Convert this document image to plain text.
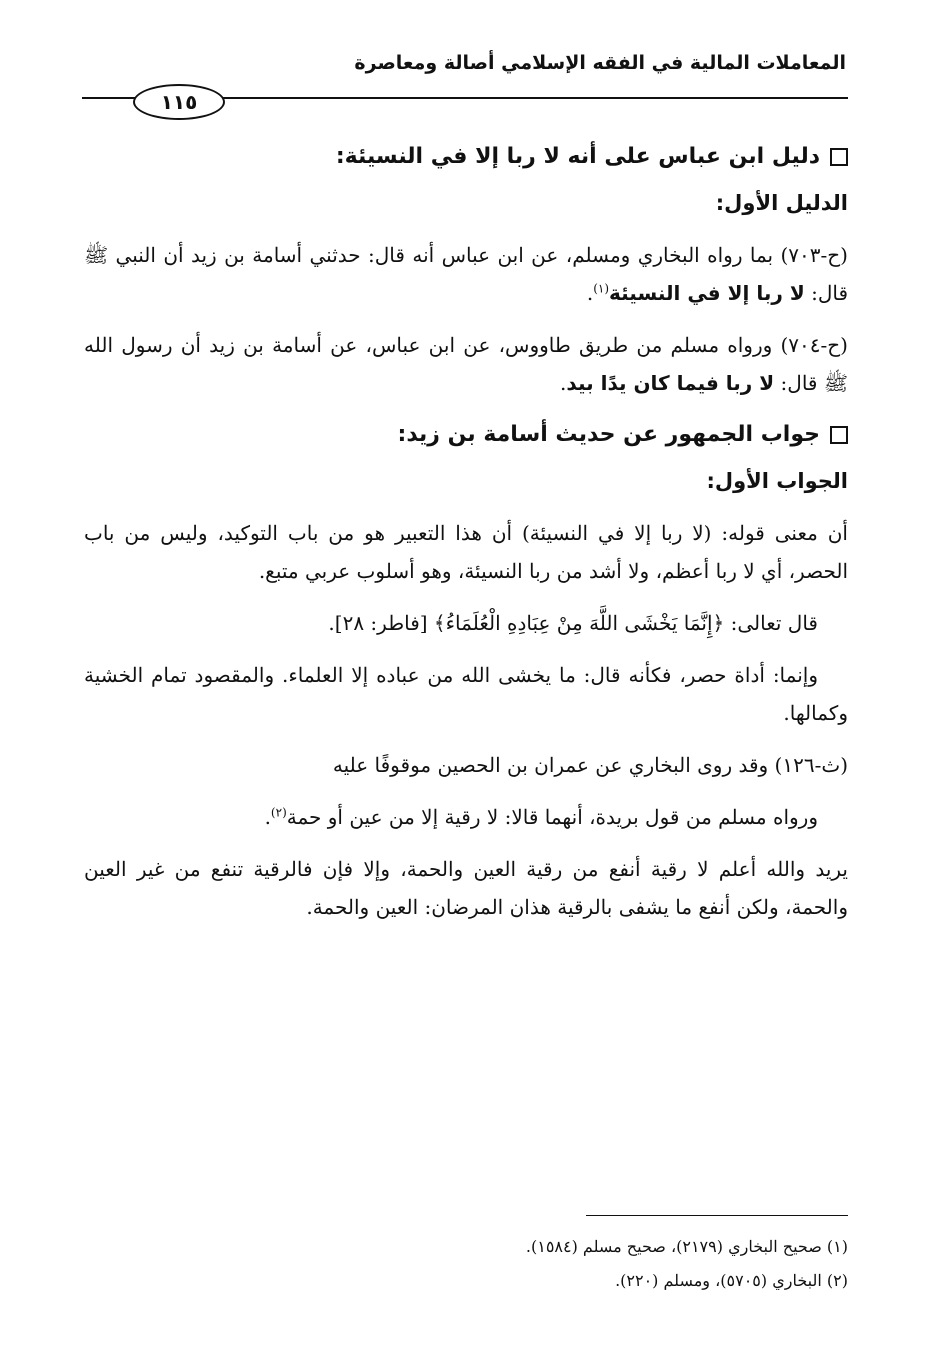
المعاملات المالية في الفقه الإسلامي أصالة ومعاصرة
١١٥
دليل ابن عباس على أنه لا ربا إلا في النسيئة:
الدليل الأول:

(ح-٧٠٣) بما رواه البخاري ومسلم، عن ابن عباس أنه قال: حدثني أسامة بن زيد أن النبي ﷺ قال: لا ربا إلا في النسيئة$^{(١)}$.

(ح-٧٠٤) ورواه مسلم من طريق طاووس، عن ابن عباس، عن أسامة بن زيد أن رسول الله ﷺ قال: لا ربا فيما كان يدًا بيد.

جواب الجمهور عن حديث أسامة بن زيد:
الجواب الأول:

أن معنى قوله: (لا ربا إلا في النسيئة) أن هذا التعبير هو من باب التوكيد، وليس من باب الحصر، أي لا ربا أعظم، ولا أشد من ربا النسيئة، وهو أسلوب عربي متبع.

قال تعالى: ﴿إِنَّمَا يَخْشَى اللَّهَ مِنْ عِبَادِهِ الْعُلَمَاءُ﴾ [فاطر: ٢٨].

وإنما: أداة حصر، فكأنه قال: ما يخشى الله من عباده إلا العلماء. والمقصود تمام الخشية وكمالها.

(ث-١٢٦) وقد روى البخاري عن عمران بن الحصين موقوفًا عليه

ورواه مسلم من قول بريدة، أنهما قالا: لا رقية إلا من عين أو حمة$^{(٢)}$.

يريد والله أعلم لا رقية أنفع من رقية العين والحمة، وإلا فإن فالرقية تنفع من غير العين والحمة، ولكن أنفع ما يشفى بالرقية هذان المرضان: العين والحمة.

(١) صحيح البخاري (٢١٧٩)، صحيح مسلم (١٥٨٤).

(٢) البخاري (٥٧٠٥)، ومسلم (٢٢٠).
